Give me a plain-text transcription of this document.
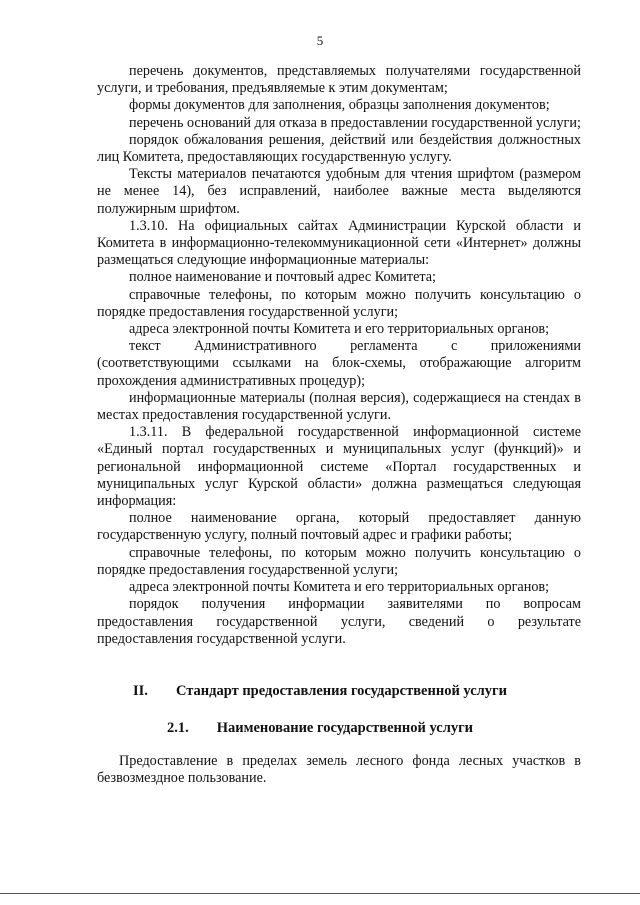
5

перечень документов, представляемых получателями государственной услуги, и требования, предъявляемые к этим документам;

формы документов для заполнения, образцы заполнения документов;

перечень оснований для отказа в предоставлении государственной услуги;

порядок обжалования решения, действий или бездействия должностных лиц Комитета, предоставляющих государственную услугу.

Тексты материалов печатаются удобным для чтения шрифтом (размером не менее 14), без исправлений, наиболее важные места выделяются полужирным шрифтом.

1.3.10. На официальных сайтах Администрации Курской области и Комитета в информационно-телекоммуникационной сети «Интернет» должны размещаться следующие информационные материалы:

полное наименование и почтовый адрес Комитета;

справочные телефоны, по которым можно получить консультацию о порядке предоставления государственной услуги;

адреса электронной почты Комитета и его территориальных органов;

текст Административного регламента с приложениями (соответствующими ссылками на блок-схемы, отображающие алгоритм прохождения административных процедур);

информационные материалы (полная версия), содержащиеся на стендах в местах предоставления государственной услуги.

1.3.11. В федеральной государственной информационной системе «Единый портал государственных и муниципальных услуг (функций)» и региональной информационной системе «Портал государственных и муниципальных услуг Курской области» должна размещаться следующая информация:

полное наименование органа, который предоставляет данную государственную услугу, полный почтовый адрес и графики работы;

справочные телефоны, по которым можно получить консультацию о порядке предоставления государственной услуги;

адреса электронной почты Комитета и его территориальных органов;

порядок получения информации заявителями по вопросам предоставления государственной услуги, сведений о результате предоставления государственной услуги.

II. Стандарт предоставления государственной услуги
2.1. Наименование государственной услуги

Предоставление в пределах земель лесного фонда лесных участков в безвозмездное пользование.
